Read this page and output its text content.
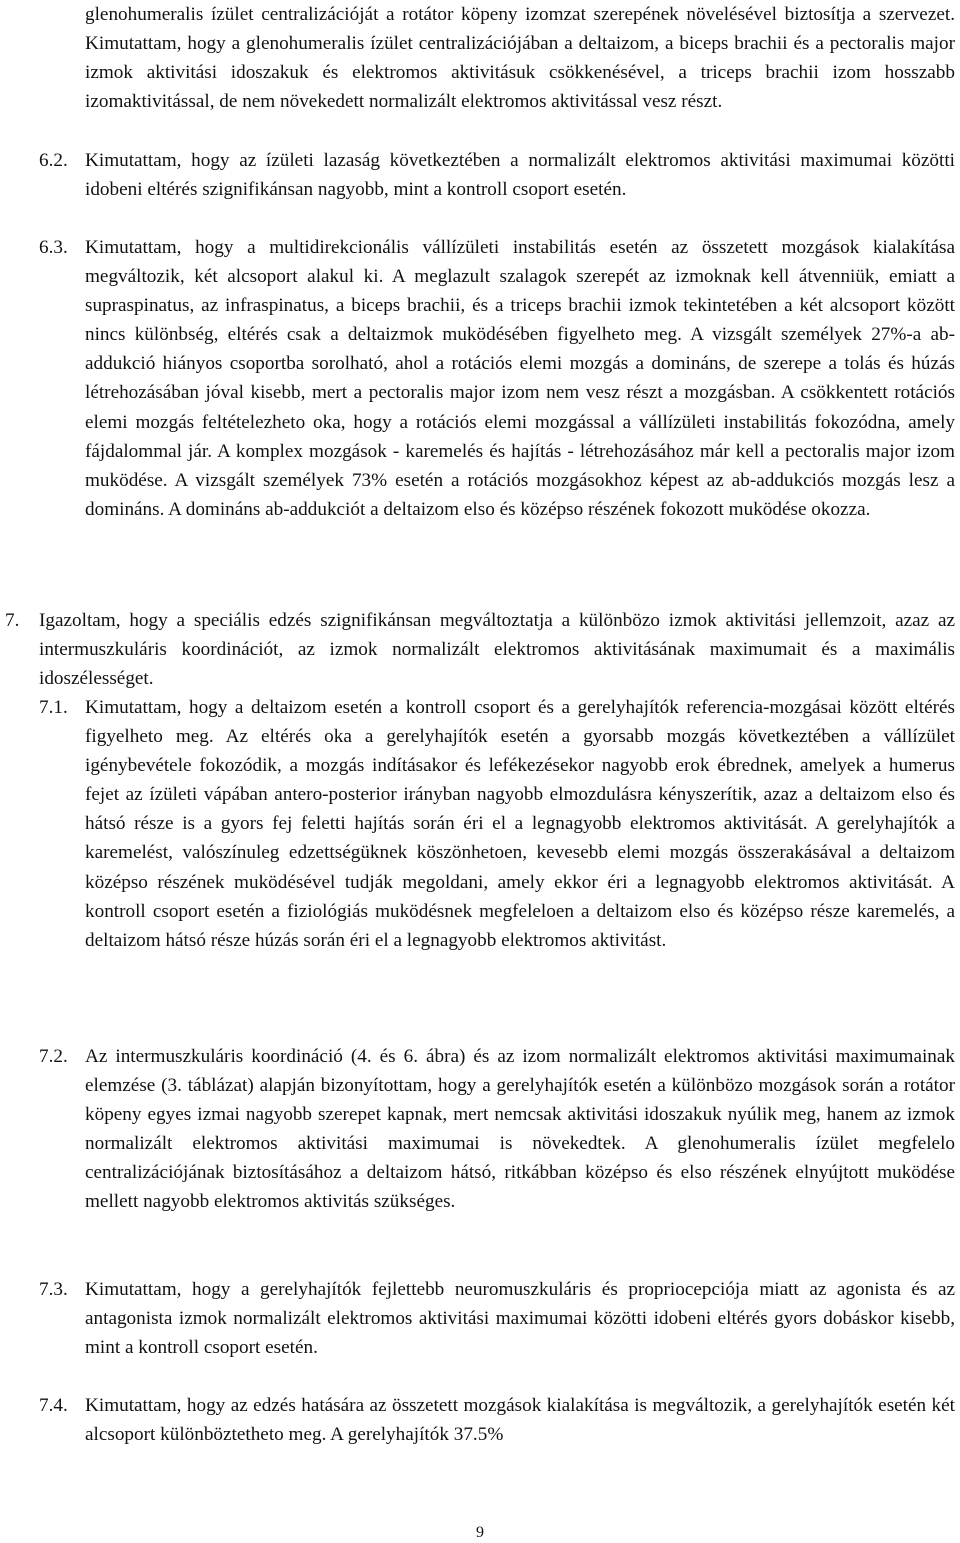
glenohumeralis ízület centralizációját a rotátor köpeny izomzat szerepének növelésével biztosítja a szervezet. Kimutattam, hogy a glenohumeralis ízület centralizációjában a deltaizom, a biceps brachii és a pectoralis major izmok aktivitási idoszakuk és elektromos aktivitásuk csökkenésével, a triceps brachii izom hosszabb izomaktivitással, de nem növekedett normalizált elektromos aktivitással vesz részt.

6.2. Kimutattam, hogy az ízületi lazaság következtében a normalizált elektromos aktivitási maximumai közötti idobeni eltérés szignifikánsan nagyobb, mint a kontroll csoport esetén.

6.3. Kimutattam, hogy a multidirekcionális vállízületi instabilitás esetén az összetett mozgások kialakítása megváltozik, két alcsoport alakul ki. A meglazult szalagok szerepét az izmoknak kell átvenniük, emiatt a supraspinatus, az infraspinatus, a biceps brachii, és a triceps brachii izmok tekintetében a két alcsoport között nincs különbség, eltérés csak a deltaizmok muködésében figyelheto meg. A vizsgált személyek 27%-a ab-addukció hiányos csoportba sorolható, ahol a rotációs elemi mozgás a domináns, de szerepe a tolás és húzás létrehozásában jóval kisebb, mert a pectoralis major izom nem vesz részt a mozgásban. A csökkentett rotációs elemi mozgás feltételezheto oka, hogy a rotációs elemi mozgással a vállízületi instabilitás fokozódna, amely fájdalommal jár. A komplex mozgások - karemelés és hajítás - létrehozásához már kell a pectoralis major izom muködése. A vizsgált személyek 73% esetén a rotációs mozgásokhoz képest az ab-addukciós mozgás lesz a domináns. A domináns ab-addukciót a deltaizom elso és középso részének fokozott muködése okozza.

7. Igazoltam, hogy a speciális edzés szignifikánsan megváltoztatja a különbözo izmok aktivitási jellemzoit, azaz az intermuszkuláris koordinációt, az izmok normalizált elektromos aktivitásának maximumait és a maximális idoszélességet.

7.1. Kimutattam, hogy a deltaizom esetén a kontroll csoport és a gerelyhajítók referencia-mozgásai között eltérés figyelheto meg. Az eltérés oka a gerelyhajítók esetén a gyorsabb mozgás következtében a vállízület igénybevétele fokozódik, a mozgás indításakor és lefékezésekor nagyobb erok ébrednek, amelyek a humerus fejet az ízületi vápában antero-posterior irányban nagyobb elmozdulásra kényszerítik, azaz a deltaizom elso és hátsó része is a gyors fej feletti hajítás során éri el a legnagyobb elektromos aktivitását. A gerelyhajítók a karemelést, valószínuleg edzettségüknek köszönhetoen, kevesebb elemi mozgás összerakásával a deltaizom középso részének muködésével tudják megoldani, amely ekkor éri a legnagyobb elektromos aktivitását. A kontroll csoport esetén a fiziológiás muködésnek megfeleloen a deltaizom elso és középso része karemelés, a deltaizom hátsó része húzás során éri el a legnagyobb elektromos aktivitást.

7.2. Az intermuszkuláris koordináció (4. és 6. ábra) és az izom normalizált elektromos aktivitási maximumainak elemzése (3. táblázat) alapján bizonyítottam, hogy a gerelyhajítók esetén a különbözo mozgások során a rotátor köpeny egyes izmai nagyobb szerepet kapnak, mert nemcsak aktivitási idoszakuk nyúlik meg, hanem az izmok normalizált elektromos aktivitási maximumai is növekedtek. A glenohumeralis ízület megfelelo centralizációjának biztosításához a deltaizom hátsó, ritkábban középso és elso részének elnyújtott muködése mellett nagyobb elektromos aktivitás szükséges.

7.3. Kimutattam, hogy a gerelyhajítók fejlettebb neuromuszkuláris és propriocepciója miatt az agonista és az antagonista izmok normalizált elektromos aktivitási maximumai közötti idobeni eltérés gyors dobáskor kisebb, mint a kontroll csoport esetén.

7.4. Kimutattam, hogy az edzés hatására az összetett mozgások kialakítása is megváltozik, a gerelyhajítók esetén két alcsoport különböztetheto meg. A gerelyhajítók 37.5%

9
